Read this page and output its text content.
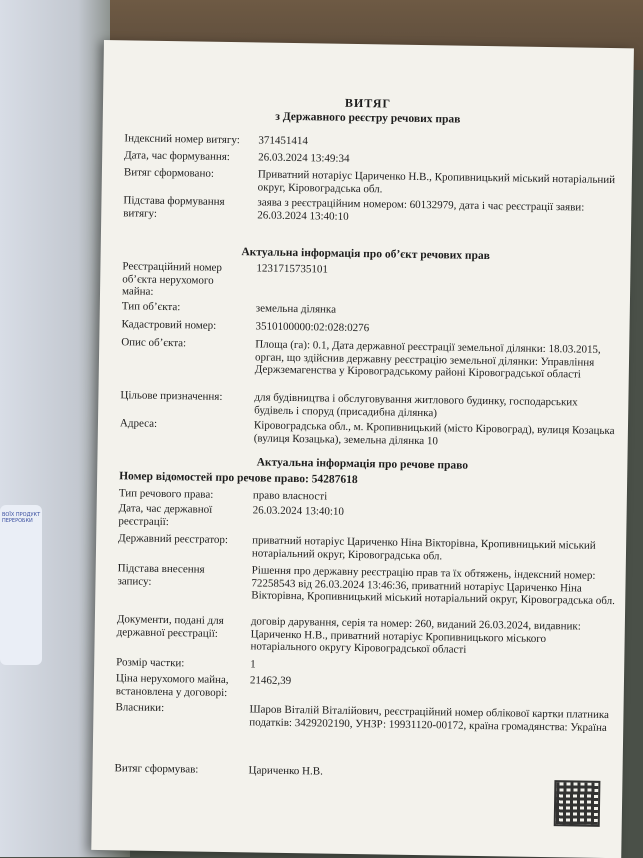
ВОЇХ ПРОДУКТ ПЕРЕРОБКИ
ВИТЯГ
з Державного реєстру речових прав
Індексний номер витягу:	371451414
Дата, час формування:	26.03.2024 13:49:34
Витяг сформовано:	Приватний нотаріус Цариченко Н.В., Кропивницький міський нотаріальний округ, Кіровоградська обл.
Підстава формування витягу:	заява з реєстраційним номером: 60132979, дата і час реєстрації заяви: 26.03.2024 13:40:10
Актуальна інформація про об’єкт речових прав
Реєстраційний номер об’єкта нерухомого майна:
1231715735101
Тип об’єкта:	земельна ділянка
Кадастровий номер:	3510100000:02:028:0276
Опис об’єкта:	Площа (га): 0.1, Дата державної реєстрації земельної ділянки: 18.03.2015, орган, що здійснив державну реєстрацію земельної ділянки: Управління Держземагенства у Кіровоградському районі Кіровоградської області
Цільове призначення:	для будівництва і обслуговування житлового будинку, господарських будівель і споруд (присадибна ділянка)
Адреса:	Кіровоградська обл., м. Кропивницький (місто Кіровоград), вулиця Козацька (вулиця Козацька), земельна ділянка 10
Актуальна інформація про речове право
Номер відомостей про речове право: 54287618
Тип речового права:	право власності
Дата, час державної реєстрації:
26.03.2024 13:40:10
Державний реєстратор:	приватний нотаріус Цариченко Ніна Вікторівна, Кропивницький міський нотаріальний округ, Кіровоградська обл.
Підстава внесення запису:	Рішення про державну реєстрацію прав та їх обтяжень, індексний номер: 72258543 від 26.03.2024 13:46:36, приватний нотаріус Цариченко Ніна Вікторівна, Кропивницький міський нотаріальний округ, Кіровоградська обл.
Документи, подані для державної реєстрації:
договір дарування, серія та номер: 260, виданий 26.03.2024, видавник: Цариченко Н.В., приватний нотаріус Кропивницького міського нотаріального округу Кіровоградської області
Розмір частки:	1
Ціна нерухомого майна, встановлена у договорі:
21462,39
Власники:	Шаров Віталій Віталійович, реєстраційний номер облікової картки платника податків: 3429202190, УНЗР: 19931120-00172, країна громадянства: Україна
Витяг сформував:	Цариченко Н.В.
